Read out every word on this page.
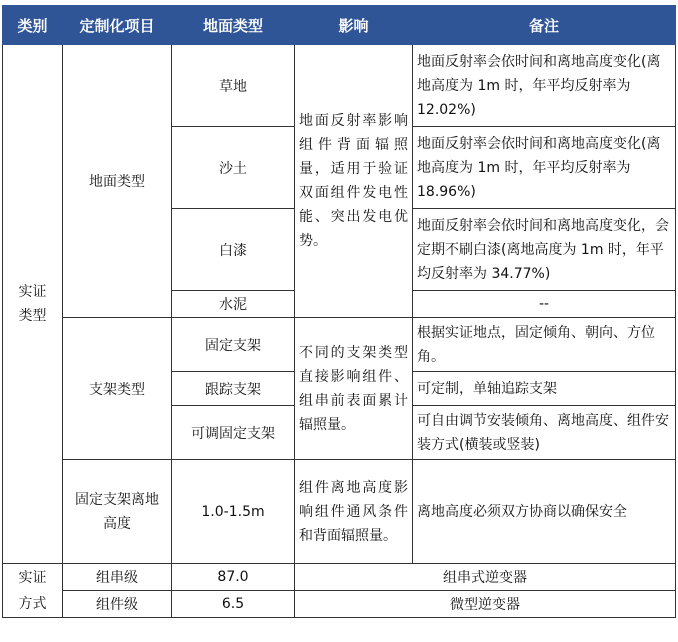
类别	定制化项目	地面类型	影响	备注
实证类型	地面类型	草地	地面反射率影响组件背面辐照量，适用于验证双面组件发电性能、突出发电优势。	地面反射率会依时间和离地高度变化(离地高度为 1m 时，年平均反射率为 12.02%)
		沙土		地面反射率会依时间和离地高度变化(离地高度为 1m 时，年平均反射率为 18.96%)
		白漆		地面反射率会依时间和离地高度变化，会定期不刷白漆(离地高度为 1m 时，年平均反射率为 34.77%)
		水泥		--
	支架类型	固定支架	不同的支架类型直接影响组件、组串前表面累计辐照量。	根据实证地点，固定倾角、朝向、方位角。
		跟踪支架		可定制，单轴追踪支架
		可调固定支架		可自由调节安装倾角、离地高度、组件安装方式(横装或竖装)
	固定支架离地高度	1.0-1.5m	组件离地高度影响组件通风条件和背面辐照量。	离地高度必须双方协商以确保安全
实证方式	组串级	87.0	组串式逆变器	
	组件级	6.5	微型逆变器	
